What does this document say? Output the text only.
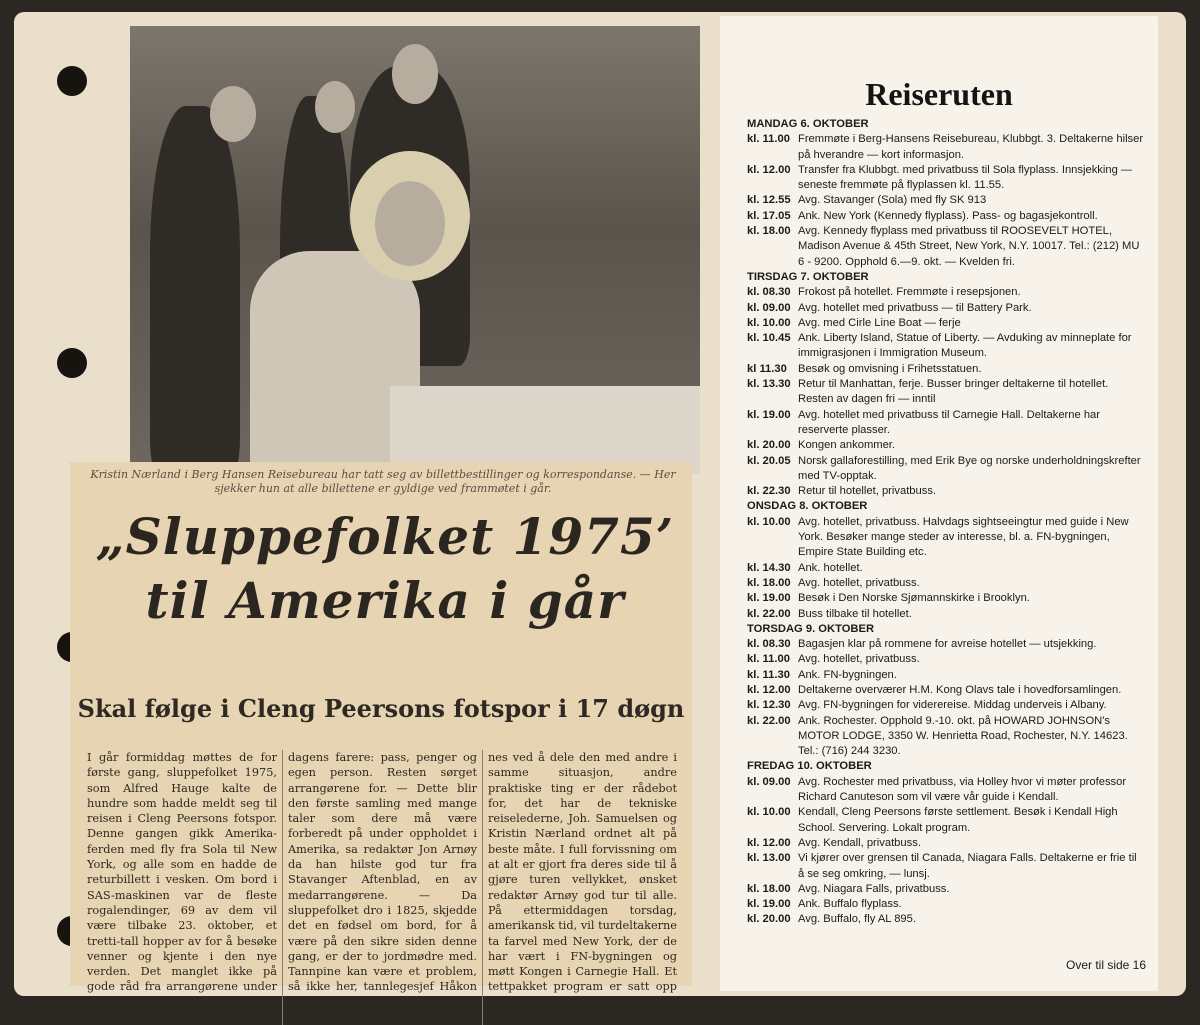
Kristin Nærland i Berg Hansen Reisebureau har tatt seg av billettbestillinger og korrespondanse. — Her sjekker hun at alle billettene er gyldige ved frammøtet i går.
„Sluppefolket 1975’
til Amerika i går
Skal følge i Cleng Peersons fotspor i 17 døgn

I går formiddag møttes de for første gang, sluppefolket 1975, som Alfred Hauge kalte de hundre som hadde meldt seg til reisen i Cleng Peersons fotspor. Denne gangen gikk Amerika-ferden med fly fra Sola til New York, og alle som en hadde de returbillett i vesken. Om bord i SAS-maskinen var de fleste rogalendinger, 69 av dem vil være tilbake 23. oktober, et tretti-tall hopper av for å besøke venner og kjente i den nye verden. Det manglet ikke på gode råd fra arrangørene under oppmøtet i går. Reiselederne var godt forbe-

dagens farere: pass, penger og egen person. Resten sørget arrangørene for. — Dette blir den første samling med mange taler som dere må være forberedt på under oppholdet i Amerika, sa redaktør Jon Arnøy da han hilste god tur fra Stavanger Aftenblad, en av medarrangørene. — Da sluppefolket dro i 1825, skjedde det en fødsel om bord, for å være på den sikre siden denne gang, er der to jordmødre med. Tannpine kan være et problem, så ikke her, tannlegesjef Håkon Unger Thorsen er med. Hjemlengsel kan ord-

nes ved å dele den med andre i samme situasjon, andre praktiske ting er der rådebot for, det har de tekniske reiselederne, Joh. Samuelsen og Kristin Nærland ordnet alt på beste måte. I full forvissning om at alt er gjort fra deres side til å gjøre turen vellykket, ønsket redaktør Arnøy god tur til alle. På ettermiddagen torsdag, amerikansk tid, vil turdeltakerne ta farvel med New York, der de har vært i FN-bygningen og møtt Kongen i Carnegie Hall. Et tettpakket program er satt opp overalt i Cleng Peersons fotspor.

Reiseruten
MANDAG 6. OKTOBER
kl. 11.00 Fremmøte i Berg-Hansens Reisebureau, Klubbgt. 3. Deltakerne hilser på hverandre — kort informasjon.
kl. 12.00 Transfer fra Klubbgt. med privatbuss til Sola flyplass. Innsjekking — seneste fremmøte på flyplassen kl. 11.55.
kl. 12.55 Avg. Stavanger (Sola) med fly SK 913
kl. 17.05 Ank. New York (Kennedy flyplass). Pass- og bagasjekontroll.
kl. 18.00 Avg. Kennedy flyplass med privatbuss til ROOSEVELT HOTEL, Madison Avenue & 45th Street, New York, N.Y. 10017. Tel.: (212) MU 6 - 9200. Opphold 6.—9. okt. — Kvelden fri.
TIRSDAG 7. OKTOBER
kl. 08.30 Frokost på hotellet. Fremmøte i resepsjonen.
kl. 09.00 Avg. hotellet med privatbuss — til Battery Park.
kl. 10.00 Avg. med Cirle Line Boat — ferje
kl. 10.45 Ank. Liberty Island, Statue of Liberty. — Avduking av minneplate for immigrasjonen i Immigration Museum.
kl 11.30 Besøk og omvisning i Frihetsstatuen.
kl. 13.30 Retur til Manhattan, ferje. Busser bringer deltakerne til hotellet. Resten av dagen fri — inntil
kl. 19.00 Avg. hotellet med privatbuss til Carnegie Hall. Deltakerne har reserverte plasser.
kl. 20.00 Kongen ankommer.
kl. 20.05 Norsk gallaforestilling, med Erik Bye og norske underholdningskrefter med TV-opptak.
kl. 22.30 Retur til hotellet, privatbuss.
ONSDAG 8. OKTOBER
kl. 10.00 Avg. hotellet, privatbuss. Halvdags sightseeingtur med guide i New York. Besøker mange steder av interesse, bl. a. FN-bygningen, Empire State Building etc.
kl. 14.30 Ank. hotellet.
kl. 18.00 Avg. hotellet, privatbuss.
kl. 19.00 Besøk i Den Norske Sjømannskirke i Brooklyn.
kl. 22.00 Buss tilbake til hotellet.
TORSDAG 9. OKTOBER
kl. 08.30 Bagasjen klar på rommene for avreise hotellet — utsjekking.
kl. 11.00 Avg. hotellet, privatbuss.
kl. 11.30 Ank. FN-bygningen.
kl. 12.00 Deltakerne overværer H.M. Kong Olavs tale i hovedforsamlingen.
kl. 12.30 Avg. FN-bygningen for viderereise. Middag underveis i Albany.
kl. 22.00 Ank. Rochester. Opphold 9.-10. okt. på HOWARD JOHNSON's MOTOR LODGE, 3350 W. Henrietta Road, Rochester, N.Y. 14623. Tel.: (716) 244 3230.
FREDAG 10. OKTOBER
kl. 09.00 Avg. Rochester med privatbuss, via Holley hvor vi møter professor Richard Canuteson som vil være vår guide i Kendall.
kl. 10.00 Kendall, Cleng Peersons første settlement. Besøk i Kendall High School. Servering. Lokalt program.
kl. 12.00 Avg. Kendall, privatbuss.
kl. 13.00 Vi kjører over grensen til Canada, Niagara Falls. Deltakerne er frie til å se seg omkring, — lunsj.
kl. 18.00 Avg. Niagara Falls, privatbuss.
kl. 19.00 Ank. Buffalo flyplass.
kl. 20.00 Avg. Buffalo, fly AL 895.
Over til side 16
